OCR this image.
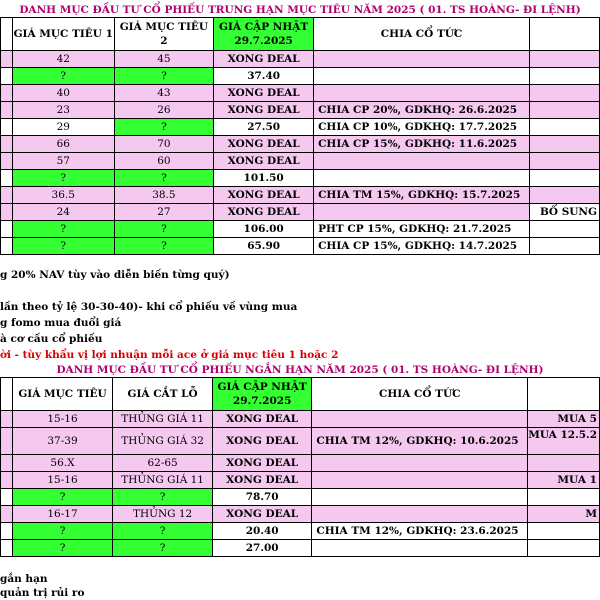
DANH MỤC ĐẦU TƯ CỔ PHIẾU TRUNG HẠN MỤC TIÊU NĂM 2025 ( 01. TS HOÀNG- ĐI LỆNH)
	GIÁ MỤC TIÊU 1	GIÁ MỤC TIÊU 2	GIÁ CẬP NHẬT 29.7.2025	CHIA CỔ TỨC	
	42	45	XONG DEAL		
	?	?	37.40		
	40	43	XONG DEAL		
	23	26	XONG DEAL	CHIA CP 20%, GDKHQ: 26.6.2025	
	29	?	27.50	CHIA CP 10%, GDKHQ: 17.7.2025	
	66	70	XONG DEAL	CHIA CP 15%, GDKHQ: 11.6.2025	
	57	60	XONG DEAL		
	?	?	101.50		
	36.5	38.5	XONG DEAL	CHIA TM 15%, GDKHQ: 15.7.2025	
	24	27	XONG DEAL		BỔ SUNG
	?	?	106.00	PHT CP 15%, GDKHQ: 21.7.2025	
	?	?	65.90	CHIA CP 15%, GDKHQ: 14.7.2025	
g 20% NAV tùy vào diễn biến từng quý)
lần theo tỷ lệ 30-30-40)- khi cổ phiếu về vùng mua
g fomo mua đuổi giá
à cơ cấu cổ phiếu
ời - tùy khẩu vị lợi nhuận mỗi ace ở giá mục tiêu 1 hoặc 2
DANH MỤC ĐẦU TƯ CỔ PHIẾU NGẮN HẠN NĂM 2025 ( 01. TS HOÀNG- ĐI LỆNH)
	GIÁ MỤC TIÊU	GIÁ CẮT LỖ	GIÁ CẬP NHẬT 29.7.2025	CHIA CỔ TỨC	
	15-16	THỦNG GIÁ 11	XONG DEAL		MUA 5
	37-39	THỦNG GIÁ 32	XONG DEAL	CHIA TM 12%, GDKHQ: 10.6.2025	MUA 12.5.2
	56.X	62-65	XONG DEAL		
	15-16	THỦNG GIÁ 11	XONG DEAL		MUA 1
	?	?	78.70		
	16-17	THỦNG 12	XONG DEAL		M
	?	?	20.40	CHIA TM 12%, GDKHQ: 23.6.2025	
	?	?	27.00		
gắn hạn
quản trị rủi ro
